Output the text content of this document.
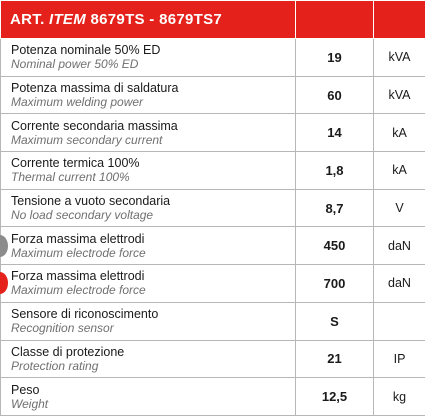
ART. ITEM 8679TS - 8679TS7		

Potenza nominale 50% ED
Nominal power 50% ED	19	kVA

Potenza massima di saldatura
Maximum welding power	60	kVA

Corrente secondaria massima
Maximum secondary current	14	kA

Corrente termica 100%
Thermal current 100%	1,8	kA

Tensione a vuoto secondaria
No load secondary voltage	8,7	V

Forza massima elettrodi
Maximum electrode force	450	daN

Forza massima elettrodi
Maximum electrode force	700	daN

Sensore di riconoscimento
Recognition sensor	S	

Classe di protezione
Protection rating	21	IP

Peso
Weight	12,5	kg
